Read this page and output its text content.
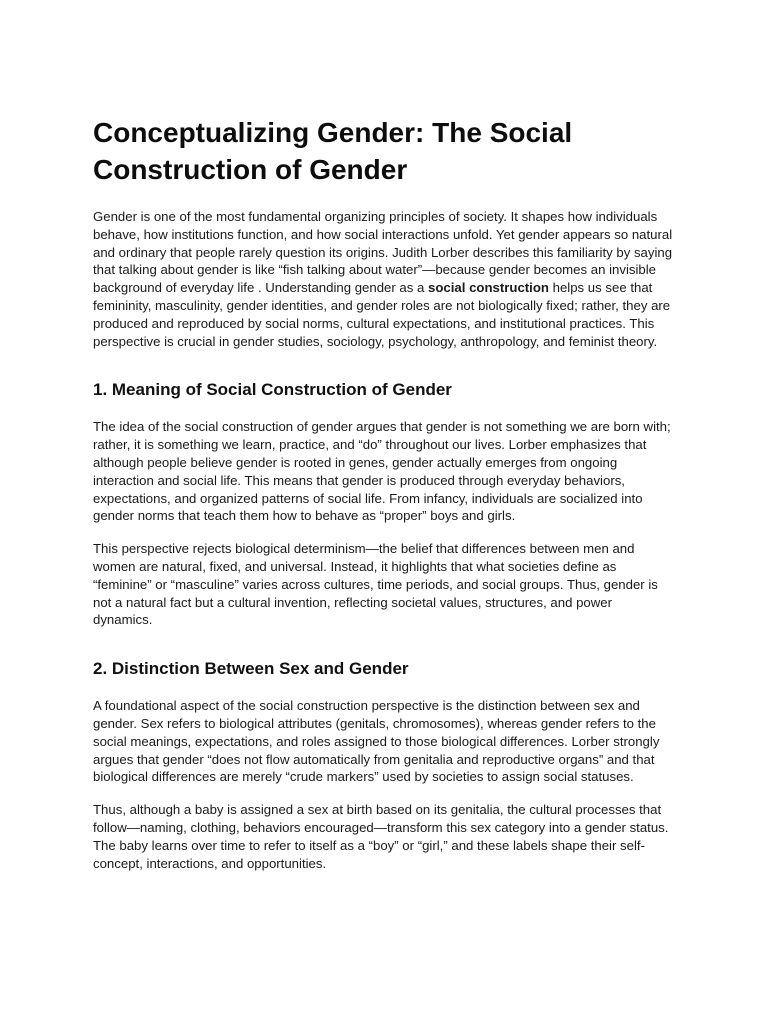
Conceptualizing Gender: The Social Construction of Gender

Gender is one of the most fundamental organizing principles of society. It shapes how individuals behave, how institutions function, and how social interactions unfold. Yet gender appears so natural and ordinary that people rarely question its origins. Judith Lorber describes this familiarity by saying that talking about gender is like “fish talking about water”—because gender becomes an invisible background of everyday life . Understanding gender as a social construction helps us see that femininity, masculinity, gender identities, and gender roles are not biologically fixed; rather, they are produced and reproduced by social norms, cultural expectations, and institutional practices. This perspective is crucial in gender studies, sociology, psychology, anthropology, and feminist theory.

1. Meaning of Social Construction of Gender

The idea of the social construction of gender argues that gender is not something we are born with; rather, it is something we learn, practice, and “do” throughout our lives. Lorber emphasizes that although people believe gender is rooted in genes, gender actually emerges from ongoing interaction and social life. This means that gender is produced through everyday behaviors, expectations, and organized patterns of social life. From infancy, individuals are socialized into gender norms that teach them how to behave as “proper” boys and girls.

This perspective rejects biological determinism—the belief that differences between men and women are natural, fixed, and universal. Instead, it highlights that what societies define as “feminine” or “masculine” varies across cultures, time periods, and social groups. Thus, gender is not a natural fact but a cultural invention, reflecting societal values, structures, and power dynamics.

2. Distinction Between Sex and Gender

A foundational aspect of the social construction perspective is the distinction between sex and gender. Sex refers to biological attributes (genitals, chromosomes), whereas gender refers to the social meanings, expectations, and roles assigned to those biological differences. Lorber strongly argues that gender “does not flow automatically from genitalia and reproductive organs” and that biological differences are merely “crude markers” used by societies to assign social statuses.

Thus, although a baby is assigned a sex at birth based on its genitalia, the cultural processes that follow—naming, clothing, behaviors encouraged—transform this sex category into a gender status. The baby learns over time to refer to itself as a “boy” or “girl,” and these labels shape their self-concept, interactions, and opportunities.
